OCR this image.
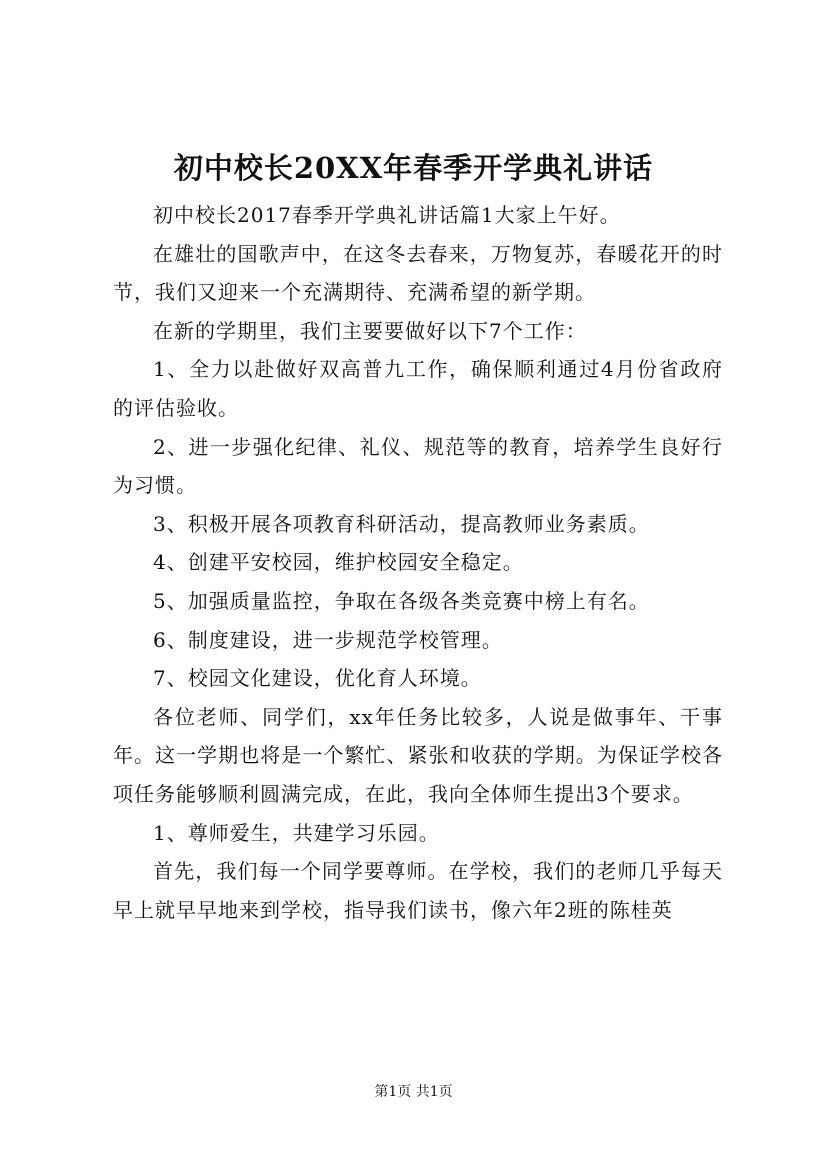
初中校长20XX年春季开学典礼讲话

初中校长2017春季开学典礼讲话篇1大家上午好。

在雄壮的国歌声中，在这冬去春来，万物复苏，春暖花开的时节，我们又迎来一个充满期待、充满希望的新学期。

在新的学期里，我们主要要做好以下7个工作：

1、全力以赴做好双高普九工作，确保顺利通过4月份省政府的评估验收。

2、进一步强化纪律、礼仪、规范等的教育，培养学生良好行为习惯。

3、积极开展各项教育科研活动，提高教师业务素质。

4、创建平安校园，维护校园安全稳定。

5、加强质量监控，争取在各级各类竞赛中榜上有名。

6、制度建设，进一步规范学校管理。

7、校园文化建设，优化育人环境。

各位老师、同学们，xx年任务比较多，人说是做事年、干事年。这一学期也将是一个繁忙、紧张和收获的学期。为保证学校各项任务能够顺利圆满完成，在此，我向全体师生提出3个要求。

1、尊师爱生，共建学习乐园。

首先，我们每一个同学要尊师。在学校，我们的老师几乎每天早上就早早地来到学校，指导我们读书，像六年2班的陈桂英

第1页 共1页
